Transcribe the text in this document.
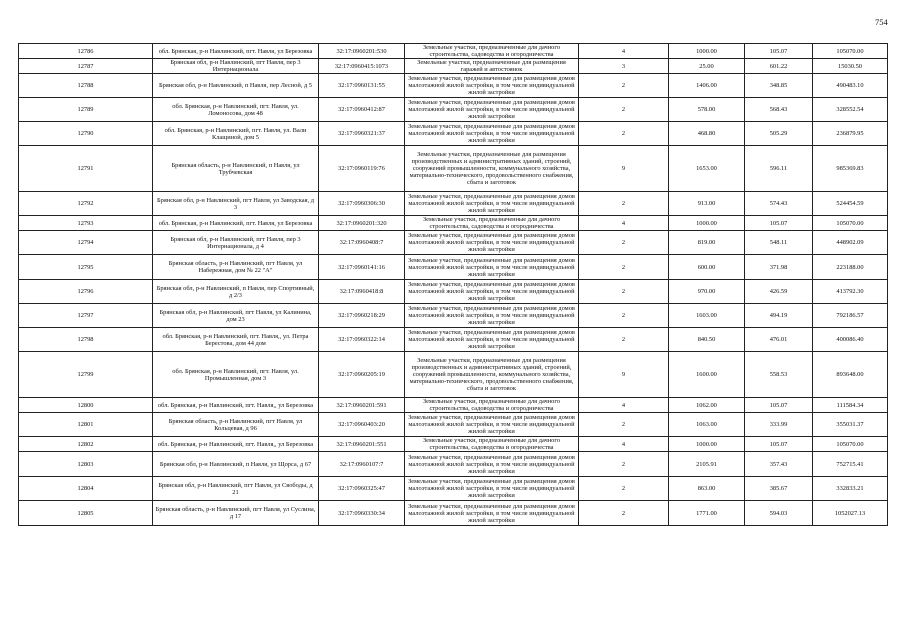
754
12786	обл. Брянская, р-н Навлинский, пгт. Навля, ул Березовка	32:17:0960201:530	Земельные участки, предназначенные для дачного строительства, садоводства и огородничества	4	1000.00	105.07	105070.00
12787	Брянская обл, р-н Навлинский, пгт Навля, пер 3 Интернационала	32:17:0960415:1073	Земельные участки, предназначенные для размещения гаражей и автостоянок	3	25.00	601.22	15030.50
12788	Брянская обл, р-н Навлинский, п Навля, пер Лесной, д 5	32:17:0960131:55	Земельные участки, предназначенные для размещения домов малоэтажной жилой застройки, в том числе индивидуальной жилой застройки	2	1406.00	348.85	490483.10
12789	обл. Брянская, р-н Навлинский, пгт. Навля, ул. Ломоносова, дом 48	32:17:0960412:87	Земельные участки, предназначенные для размещения домов малоэтажной жилой застройки, в том числе индивидуальной жилой застройки	2	578.00	568.43	328552.54
12790	обл. Брянская, р-н Навлинский, пгт. Навля, ул. Вали Клащиной, дом 5	32:17:0960321:37	Земельные участки, предназначенные для размещения домов малоэтажной жилой застройки, в том числе индивидуальной жилой застройки	2	468.80	505.29	236879.95
12791	Брянская область, р-н Навлинский, п Навля, ул Трубчевская	32:17:0960119:76	Земельные участки, предназначенные для размещения производственных и административных зданий, строений, сооружений промышленности, коммунального хозяйства, материально-технического, продовольственного снабжения, сбыта и заготовок	9	1653.00	596.11	985369.83
12792	Брянская обл, р-н Навлинский, пгт Навля, ул Заводская, д 3	32:17:0960306:30	Земельные участки, предназначенные для размещения домов малоэтажной жилой застройки, в том числе индивидуальной жилой застройки	2	913.00	574.43	524454.59
12793	обл. Брянская, р-н Навлинский, пгт. Навля, ул Березовка	32:17:0960201:320	Земельные участки, предназначенные для дачного строительства, садоводства и огородничества	4	1000.00	105.07	105070.00
12794	Брянская обл, р-н Навлинский, пгт Навля, пер 3 Интернационала, д 4	32:17:0960408:7	Земельные участки, предназначенные для размещения домов малоэтажной жилой застройки, в том числе индивидуальной жилой застройки	2	819.00	548.11	448902.09
12795	Брянская область, р-н Навлинский, пгт Навля, ул Набережная, дом № 22 "А"	32:17:0960141:16	Земельные участки, предназначенные для размещения домов малоэтажной жилой застройки, в том числе индивидуальной жилой застройки	2	600.00	371.98	223188.00
12796	Брянская обл, р-н Навлинский, п Навля, пер Спортивный, д 2/3	32:17:0960418:8	Земельные участки, предназначенные для размещения домов малоэтажной жилой застройки, в том числе индивидуальной жилой застройки	2	970.00	426.59	413792.30
12797	Брянская обл, р-н Навлинский, пгт Навля, ул Калинина, дом 23	32:17:0960218:29	Земельные участки, предназначенные для размещения домов малоэтажной жилой застройки, в том числе индивидуальной жилой застройки	2	1603.00	494.19	792186.57
12798	обл. Брянская, р-н Навлинский, пгт. Навля,, ул. Петра Берестова, дом 44 дом	32:17:0960322:14	Земельные участки, предназначенные для размещения домов малоэтажной жилой застройки, в том числе индивидуальной жилой застройки	2	840.50	476.01	400086.40
12799	обл. Брянская, р-н Навлинский, пгт. Навля, ул. Промышленная, дом 3	32:17:0960205:19	Земельные участки, предназначенные для размещения производственных и административных зданий, строений, сооружений промышленности, коммунального хозяйства, материально-технического, продовольственного снабжения, сбыта и заготовок	9	1600.00	558.53	893648.00
12800	обл. Брянская, р-н Навлинский, пгт. Навля,, ул Березовка	32:17:0960201:591	Земельные участки, предназначенные для дачного строительства, садоводства и огородничества	4	1062.00	105.07	111584.34
12801	Брянская область, р-н Навлинский, пгт Навля, ул Кольцевая, д 96	32:17:0960403:20	Земельные участки, предназначенные для размещения домов малоэтажной жилой застройки, в том числе индивидуальной жилой застройки	2	1063.00	333.99	355031.37
12802	обл. Брянская, р-н Навлинский, пгт. Навля,, ул Березовка	32:17:0960201:551	Земельные участки, предназначенные для дачного строительства, садоводства и огородничества	4	1000.00	105.07	105070.00
12803	Брянская обл, р-н Навлинский, п Навля, ул Щорса, д 67	32:17:0960107:7	Земельные участки, предназначенные для размещения домов малоэтажной жилой застройки, в том числе индивидуальной жилой застройки	2	2105.91	357.43	752715.41
12804	Брянская обл, р-н Навлинский, пгт Навля, ул Свободы, д 21	32:17:0960325:47	Земельные участки, предназначенные для размещения домов малоэтажной жилой застройки, в том числе индивидуальной жилой застройки	2	863.00	385.67	332833.21
12805	Брянская область, р-н Навлинский, пгт Навля, ул Суслина, д 17	32:17:0960330:34	Земельные участки, предназначенные для размещения домов малоэтажной жилой застройки, в том числе индивидуальной жилой застройки	2	1771.00	594.03	1052027.13
